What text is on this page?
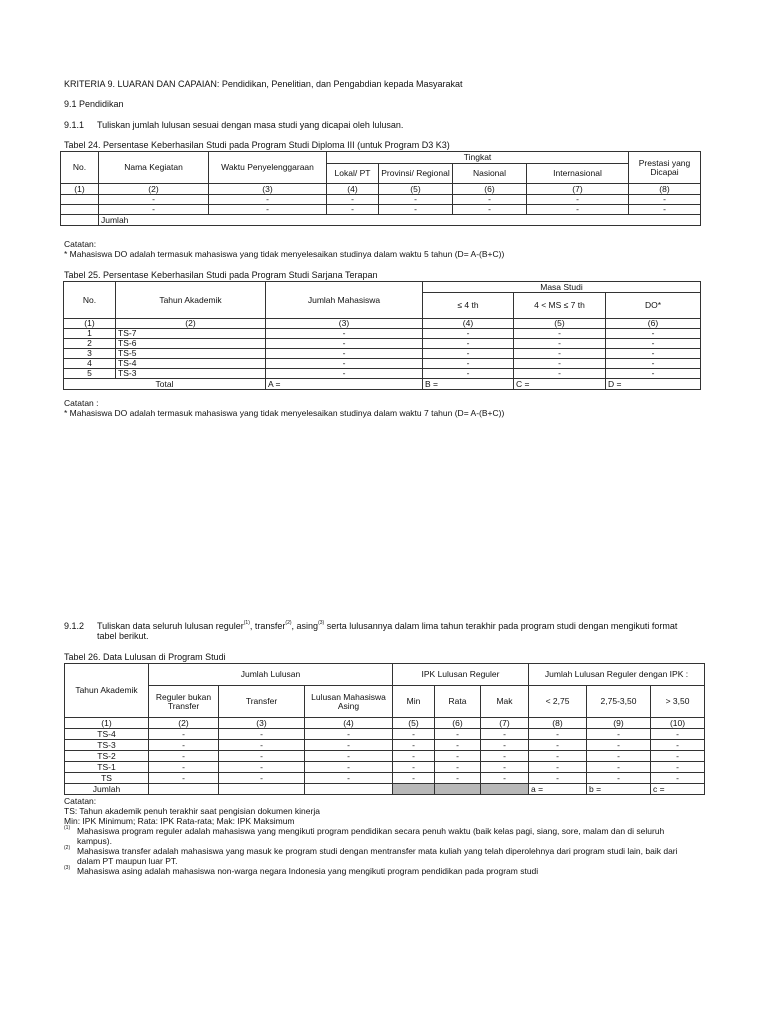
KRITERIA 9. LUARAN DAN CAPAIAN: Pendidikan, Penelitian, dan Pengabdian kepada Masyarakat
9.1 Pendidikan
9.1.1 Tuliskan jumlah lulusan sesuai dengan masa studi yang dicapai oleh lulusan.
Tabel 24. Persentase Keberhasilan Studi pada Program Studi Diploma III (untuk Program D3 K3)
No.	Nama Kegiatan	Waktu Penyelenggaraan	Tingkat				Prestasi yang Dicapai
			Lokal/ PT	Provinsi/ Regional	Nasional	Internasional	
(1)	(2)	(3)	(4)	(5)	(6)	(7)	(8)
	-	-	-	-	-	-	-
	-	-	-	-	-	-	-
	Jumlah						
Catatan:
* Mahasiswa DO adalah termasuk mahasiswa yang tidak menyelesaikan studinya dalam waktu 5 tahun (D= A-(B+C))
Tabel 25. Persentase Keberhasilan Studi pada Program Studi Sarjana Terapan
No.	Tahun Akademik	Jumlah Mahasiswa	Masa Studi		
			≤ 4 th	4 < MS ≤ 7 th	DO*
(1)	(2)	(3)	(4)	(5)	(6)
1	TS-7	-	-	-	-
2	TS-6	-	-	-	-
3	TS-5	-	-	-	-
4	TS-4	-	-	-	-
5	TS-3	-	-	-	-
Total		A =	B =	C =	D =
Catatan :
* Mahasiswa DO adalah termasuk mahasiswa yang tidak menyelesaikan studinya dalam waktu 7 tahun (D= A-(B+C))
9.1.2 Tuliskan data seluruh lulusan reguler$^{(1)}$, transfer$^{(2)}$, asing$^{(3)}$ serta lulusannya dalam lima tahun terakhir pada program studi dengan mengikuti format
tabel berikut.
Tabel 26. Data Lulusan di Program Studi
Tahun Akademik	Jumlah Lulusan			IPK Lulusan Reguler			Jumlah Lulusan Reguler dengan IPK :		
	Reguler bukan Transfer	Transfer	Lulusan Mahasiswa Asing	Min	Rata	Mak	< 2,75	2,75-3,50	> 3,50
(1)	(2)	(3)	(4)	(5)	(6)	(7)	(8)	(9)	(10)
TS-4	-	-	-	-	-	-	-	-	-
TS-3	-	-	-	-	-	-	-	-	-
TS-2	-	-	-	-	-	-	-	-	-
TS-1	-	-	-	-	-	-	-	-	-
TS	-	-	-	-	-	-	-	-	-
Jumlah							a =	b =	c =
Catatan:
TS: Tahun akademik penuh terakhir saat pengisian dokumen kinerja
Min: IPK Minimum; Rata: IPK Rata-rata; Mak: IPK Maksimum
(1) Mahasiswa program reguler adalah mahasiswa yang mengikuti program pendidikan secara penuh waktu (baik kelas pagi, siang, sore, malam dan di seluruh kampus).
(2) Mahasiswa transfer adalah mahasiswa yang masuk ke program studi dengan mentransfer mata kuliah yang telah diperolehnya dari program studi lain, baik dari dalam PT maupun luar PT.
(3) Mahasiswa asing adalah mahasiswa non-warga negara Indonesia yang mengikuti program pendidikan pada program studi
